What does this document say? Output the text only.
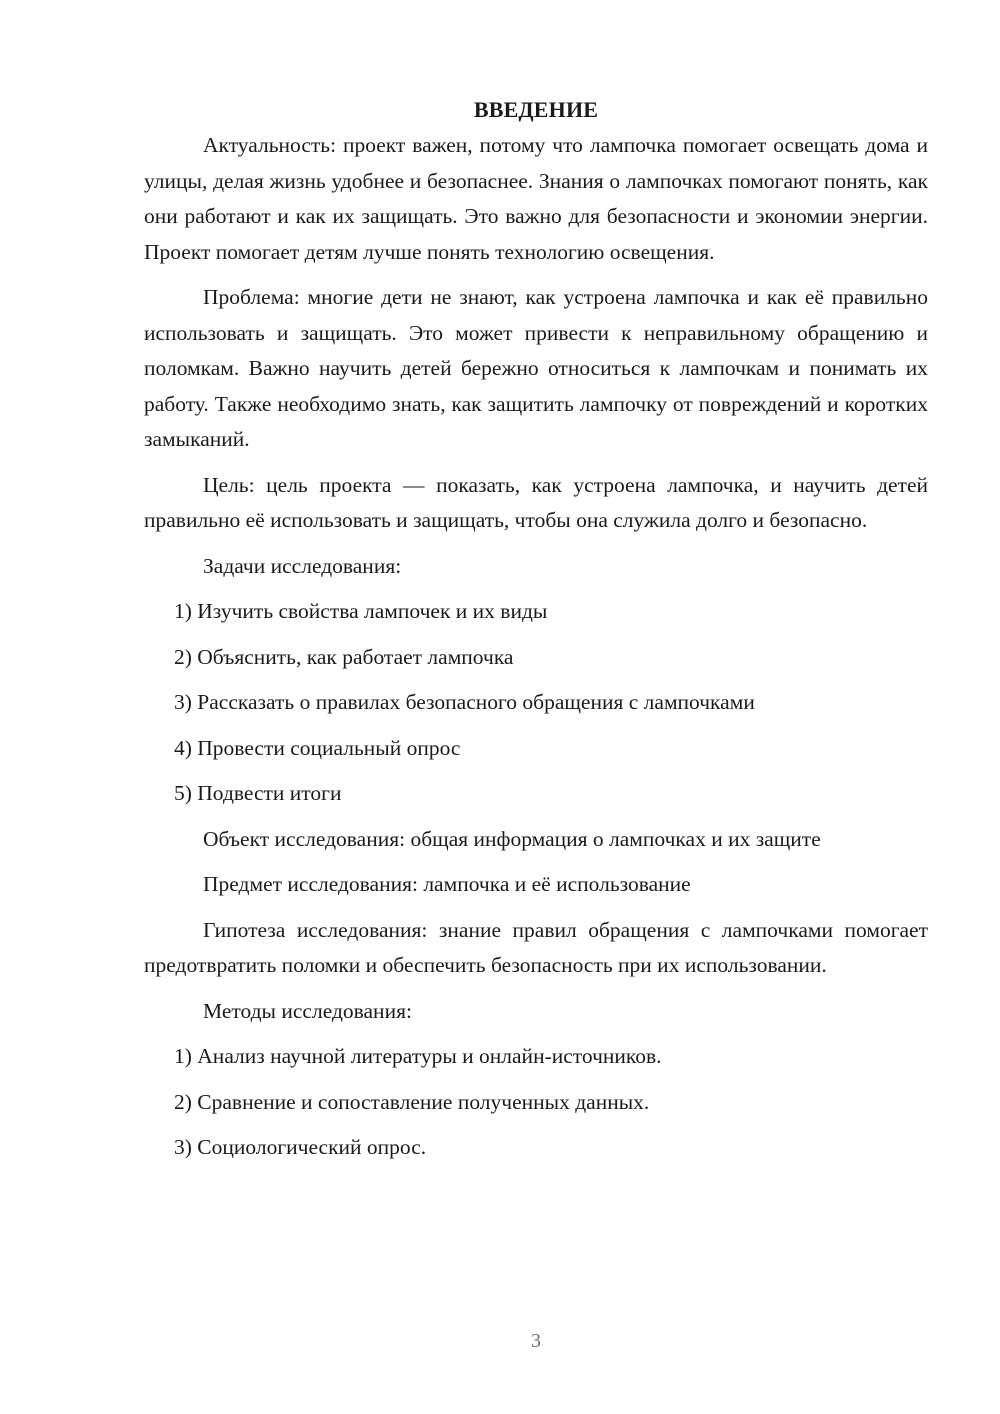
ВВЕДЕНИЕ

Актуальность: проект важен, потому что лампочка помогает освещать дома и улицы, делая жизнь удобнее и безопаснее. Знания о лампочках помогают понять, как они работают и как их защищать. Это важно для безопасности и экономии энергии. Проект помогает детям лучше понять технологию освещения.

Проблема: многие дети не знают, как устроена лампочка и как её правильно использовать и защищать. Это может привести к неправильному обращению и поломкам. Важно научить детей бережно относиться к лампочкам и понимать их работу. Также необходимо знать, как защитить лампочку от повреждений и коротких замыканий.

Цель: цель проекта — показать, как устроена лампочка, и научить детей правильно её использовать и защищать, чтобы она служила долго и безопасно.

Задачи исследования:

1) Изучить свойства лампочек и их виды

2) Объяснить, как работает лампочка

3) Рассказать о правилах безопасного обращения с лампочками

4) Провести социальный опрос

5) Подвести итоги

Объект исследования: общая информация о лампочках и их защите

Предмет исследования: лампочка и её использование

Гипотеза исследования: знание правил обращения с лампочками помогает предотвратить поломки и обеспечить безопасность при их использовании.

Методы исследования:

1) Анализ научной литературы и онлайн-источников.

2) Сравнение и сопоставление полученных данных.

3) Социологический опрос.

3
